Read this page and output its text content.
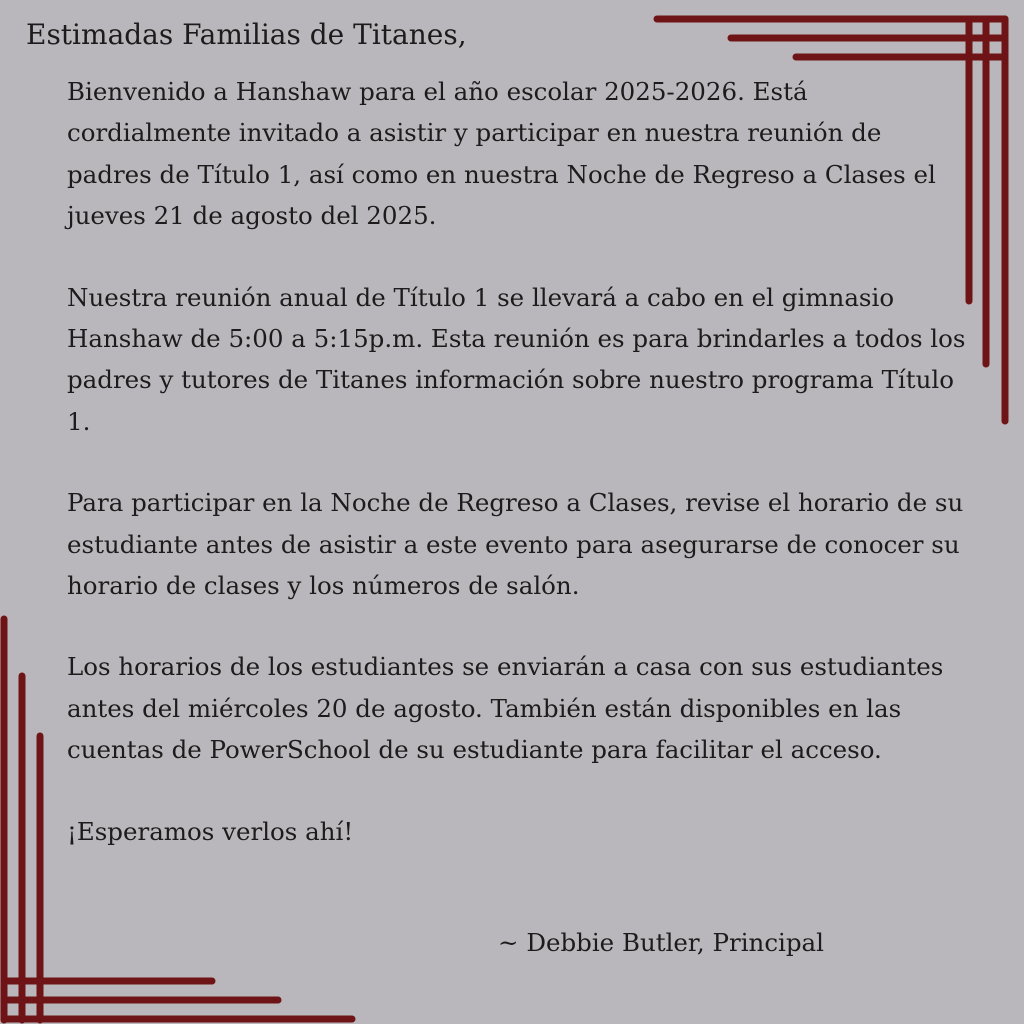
Estimadas Familias de Titanes,

Bienvenido a Hanshaw para el año escolar 2025-2026. Está cordialmente invitado a asistir y participar en nuestra reunión de padres de Título 1, así como en nuestra Noche de Regreso a Clases el jueves 21 de agosto del 2025.

Nuestra reunión anual de Título 1 se llevará a cabo en el gimnasio Hanshaw de 5:00 a 5:15p.m. Esta reunión es para brindarles a todos los padres y tutores de Titanes información sobre nuestro programa Título 1.

Para participar en la Noche de Regreso a Clases, revise el horario de su estudiante antes de asistir a este evento para asegurarse de conocer su horario de clases y los números de salón.

Los horarios de los estudiantes se enviarán a casa con sus estudiantes antes del miércoles 20 de agosto. También están disponibles en las cuentas de PowerSchool de su estudiante para facilitar el acceso.

¡Esperamos verlos ahí!

~ Debbie Butler, Principal
